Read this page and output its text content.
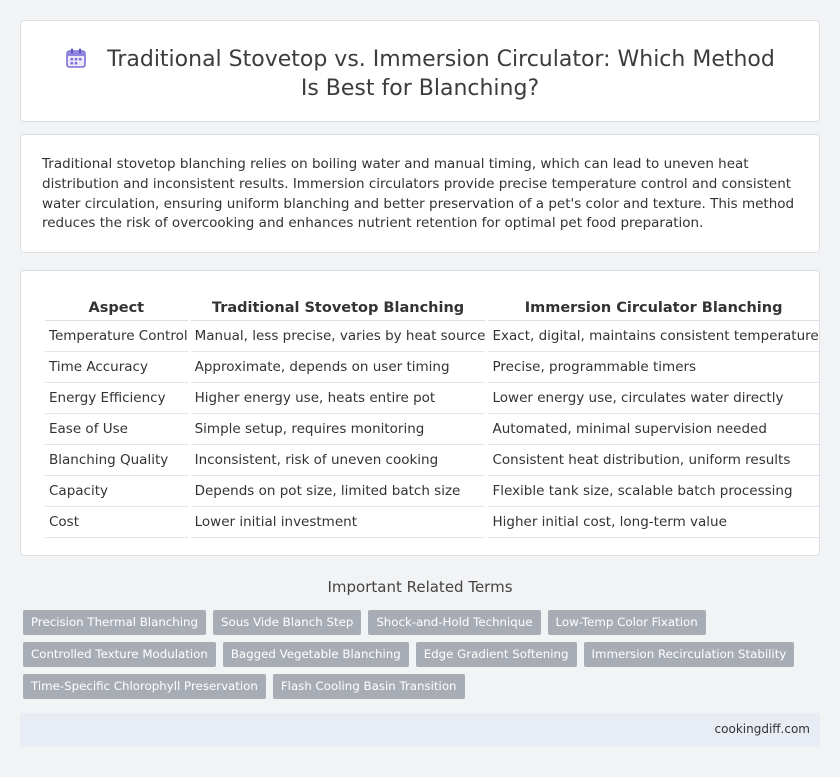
Traditional Stovetop vs. Immersion Circulator: Which Method Is Best for Blanching?

Traditional stovetop blanching relies on boiling water and manual timing, which can lead to uneven heat distribution and inconsistent results. Immersion circulators provide precise temperature control and consistent water circulation, ensuring uniform blanching and better preservation of a pet's color and texture. This method reduces the risk of overcooking and enhances nutrient retention for optimal pet food preparation.

Aspect	Traditional Stovetop Blanching	Immersion Circulator Blanching
Temperature Control	Manual, less precise, varies by heat source	Exact, digital, maintains consistent temperature
Time Accuracy	Approximate, depends on user timing	Precise, programmable timers
Energy Efficiency	Higher energy use, heats entire pot	Lower energy use, circulates water directly
Ease of Use	Simple setup, requires monitoring	Automated, minimal supervision needed
Blanching Quality	Inconsistent, risk of uneven cooking	Consistent heat distribution, uniform results
Capacity	Depends on pot size, limited batch size	Flexible tank size, scalable batch processing
Cost	Lower initial investment	Higher initial cost, long-term value
Important Related Terms
Precision Thermal Blanching	Sous Vide Blanch Step	Shock-and-Hold Technique	Low-Temp Color Fixation
Controlled Texture Modulation	Bagged Vegetable Blanching	Edge Gradient Softening	Immersion Recirculation Stability
Time-Specific Chlorophyll Preservation	Flash Cooling Basin Transition
cookingdiff.com
